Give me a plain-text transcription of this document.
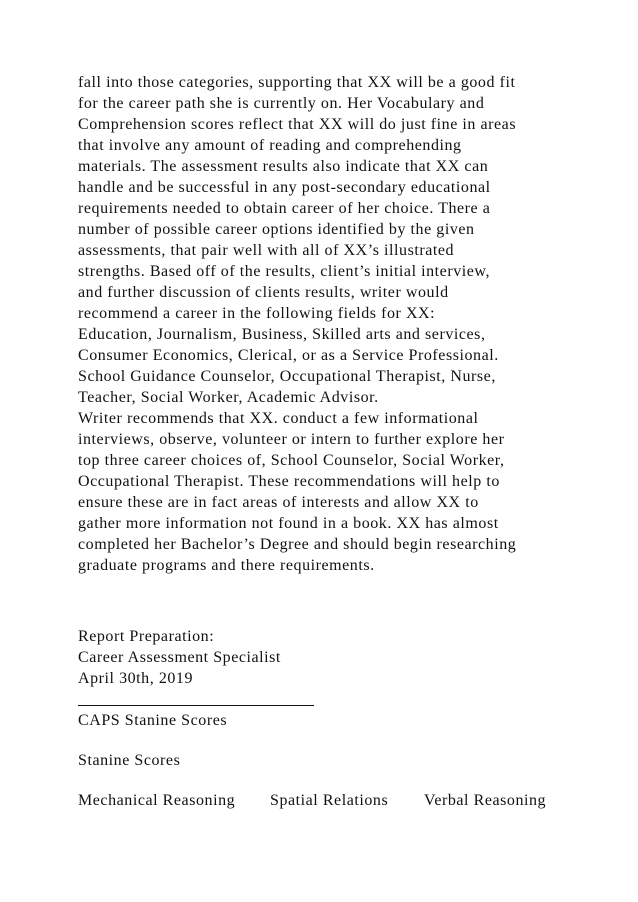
fall into those categories, supporting that XX will be a good fit
for the career path she is currently on. Her Vocabulary and
Comprehension scores reflect that XX will do just fine in areas
that involve any amount of reading and comprehending
materials. The assessment results also indicate that XX can
handle and be successful in any post-secondary educational
requirements needed to obtain career of her choice. There a
number of possible career options identified by the given
assessments, that pair well with all of XX’s illustrated
strengths. Based off of the results, client’s initial interview,
and further discussion of clients results, writer would
recommend a career in the following fields for XX:
Education, Journalism, Business, Skilled arts and services,
Consumer Economics, Clerical, or as a Service Professional.
School Guidance Counselor, Occupational Therapist, Nurse,
Teacher, Social Worker, Academic Advisor.
Writer recommends that XX. conduct a few informational
interviews, observe, volunteer or intern to further explore her
top three career choices of, School Counselor, Social Worker,
Occupational Therapist. These recommendations will help to
ensure these are in fact areas of interests and allow XX to
gather more information not found in a book. XX has almost
completed her Bachelor’s Degree and should begin researching
graduate programs and there requirements.
Report Preparation:
Career Assessment Specialist
April 30th, 2019
CAPS Stanine Scores
Stanine Scores
Mechanical Reasoning Spatial Relations Verbal Reasoning
